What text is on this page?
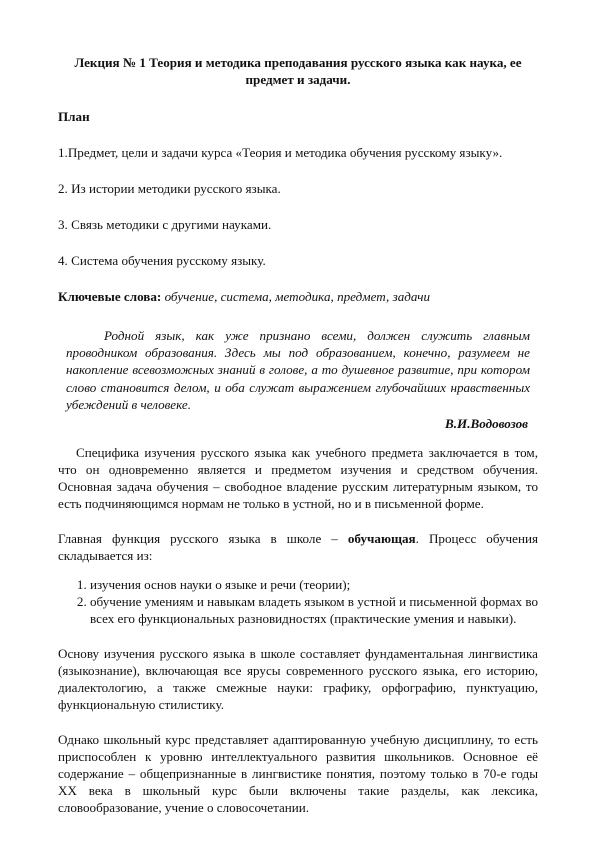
Лекция № 1 Теория и методика преподавания русского языка как наука, ее предмет и задачи.

План

1.Предмет, цели и задачи курса «Теория и методика обучения русскому языку».

2. Из истории методики русского языка.

3. Связь методики с другими науками.

4. Система обучения русскому языку.

Ключевые слова: обучение, система, методика, предмет, задачи

Родной язык, как уже признано всеми, должен служить главным проводником образования. Здесь мы под образованием, конечно, разумеем не накопление всевозможных знаний в голове, а то душевное развитие, при котором слово становится делом, и оба служат выражением глубочайших нравственных убеждений в человеке.
В.И.Водовозов

Специфика изучения русского языка как учебного предмета заключается в том, что он одновременно является и предметом изучения и средством обучения. Основная задача обучения – свободное владение русским литературным языком, то есть подчиняющимся нормам не только в устной, но и в письменной форме.

Главная функция русского языка в школе – обучающая. Процесс обучения складывается из:

1. изучения основ науки о языке и речи (теории);
2. обучение умениям и навыкам владеть языком в устной и письменной формах во всех его функциональных разновидностях (практические умения и навыки).

Основу изучения русского языка в школе составляет фундаментальная лингвистика (языкознание), включающая все ярусы современного русского языка, его историю, диалектологию, а также смежные науки: графику, орфографию, пунктуацию, функциональную стилистику.

Однако школьный курс представляет адаптированную учебную дисциплину, то есть приспособлен к уровню интеллектуального развития школьников. Основное её содержание – общепризнанные в лингвистике понятия, поэтому только в 70-е годы XX века в школьный курс были включены такие разделы, как лексика, словообразование, учение о словосочетании.
